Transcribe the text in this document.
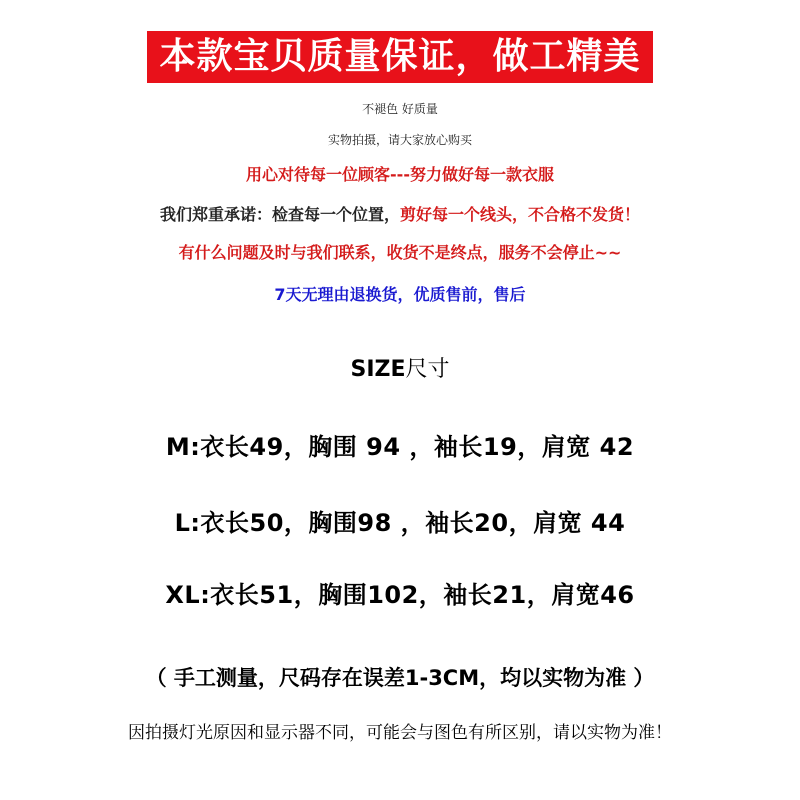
本款宝贝质量保证，做工精美
不褪色 好质量
实物拍摄，请大家放心购买
用心对待每一位顾客---努力做好每一款衣服
我们郑重承诺：检查每一个位置，剪好每一个线头，不合格不发货！
有什么问题及时与我们联系，收货不是终点，服务不会停止~~
7天无理由退换货，优质售前，售后
SIZE尺寸
M:衣长49，胸围 94 ，袖长19，肩宽 42
L:衣长50，胸围98 ，袖长20，肩宽 44
XL:衣长51，胸围102，袖长21，肩宽46
（ 手工测量，尺码存在误差1-3CM，均以实物为准 ）
因拍摄灯光原因和显示器不同，可能会与图色有所区别，请以实物为准！
